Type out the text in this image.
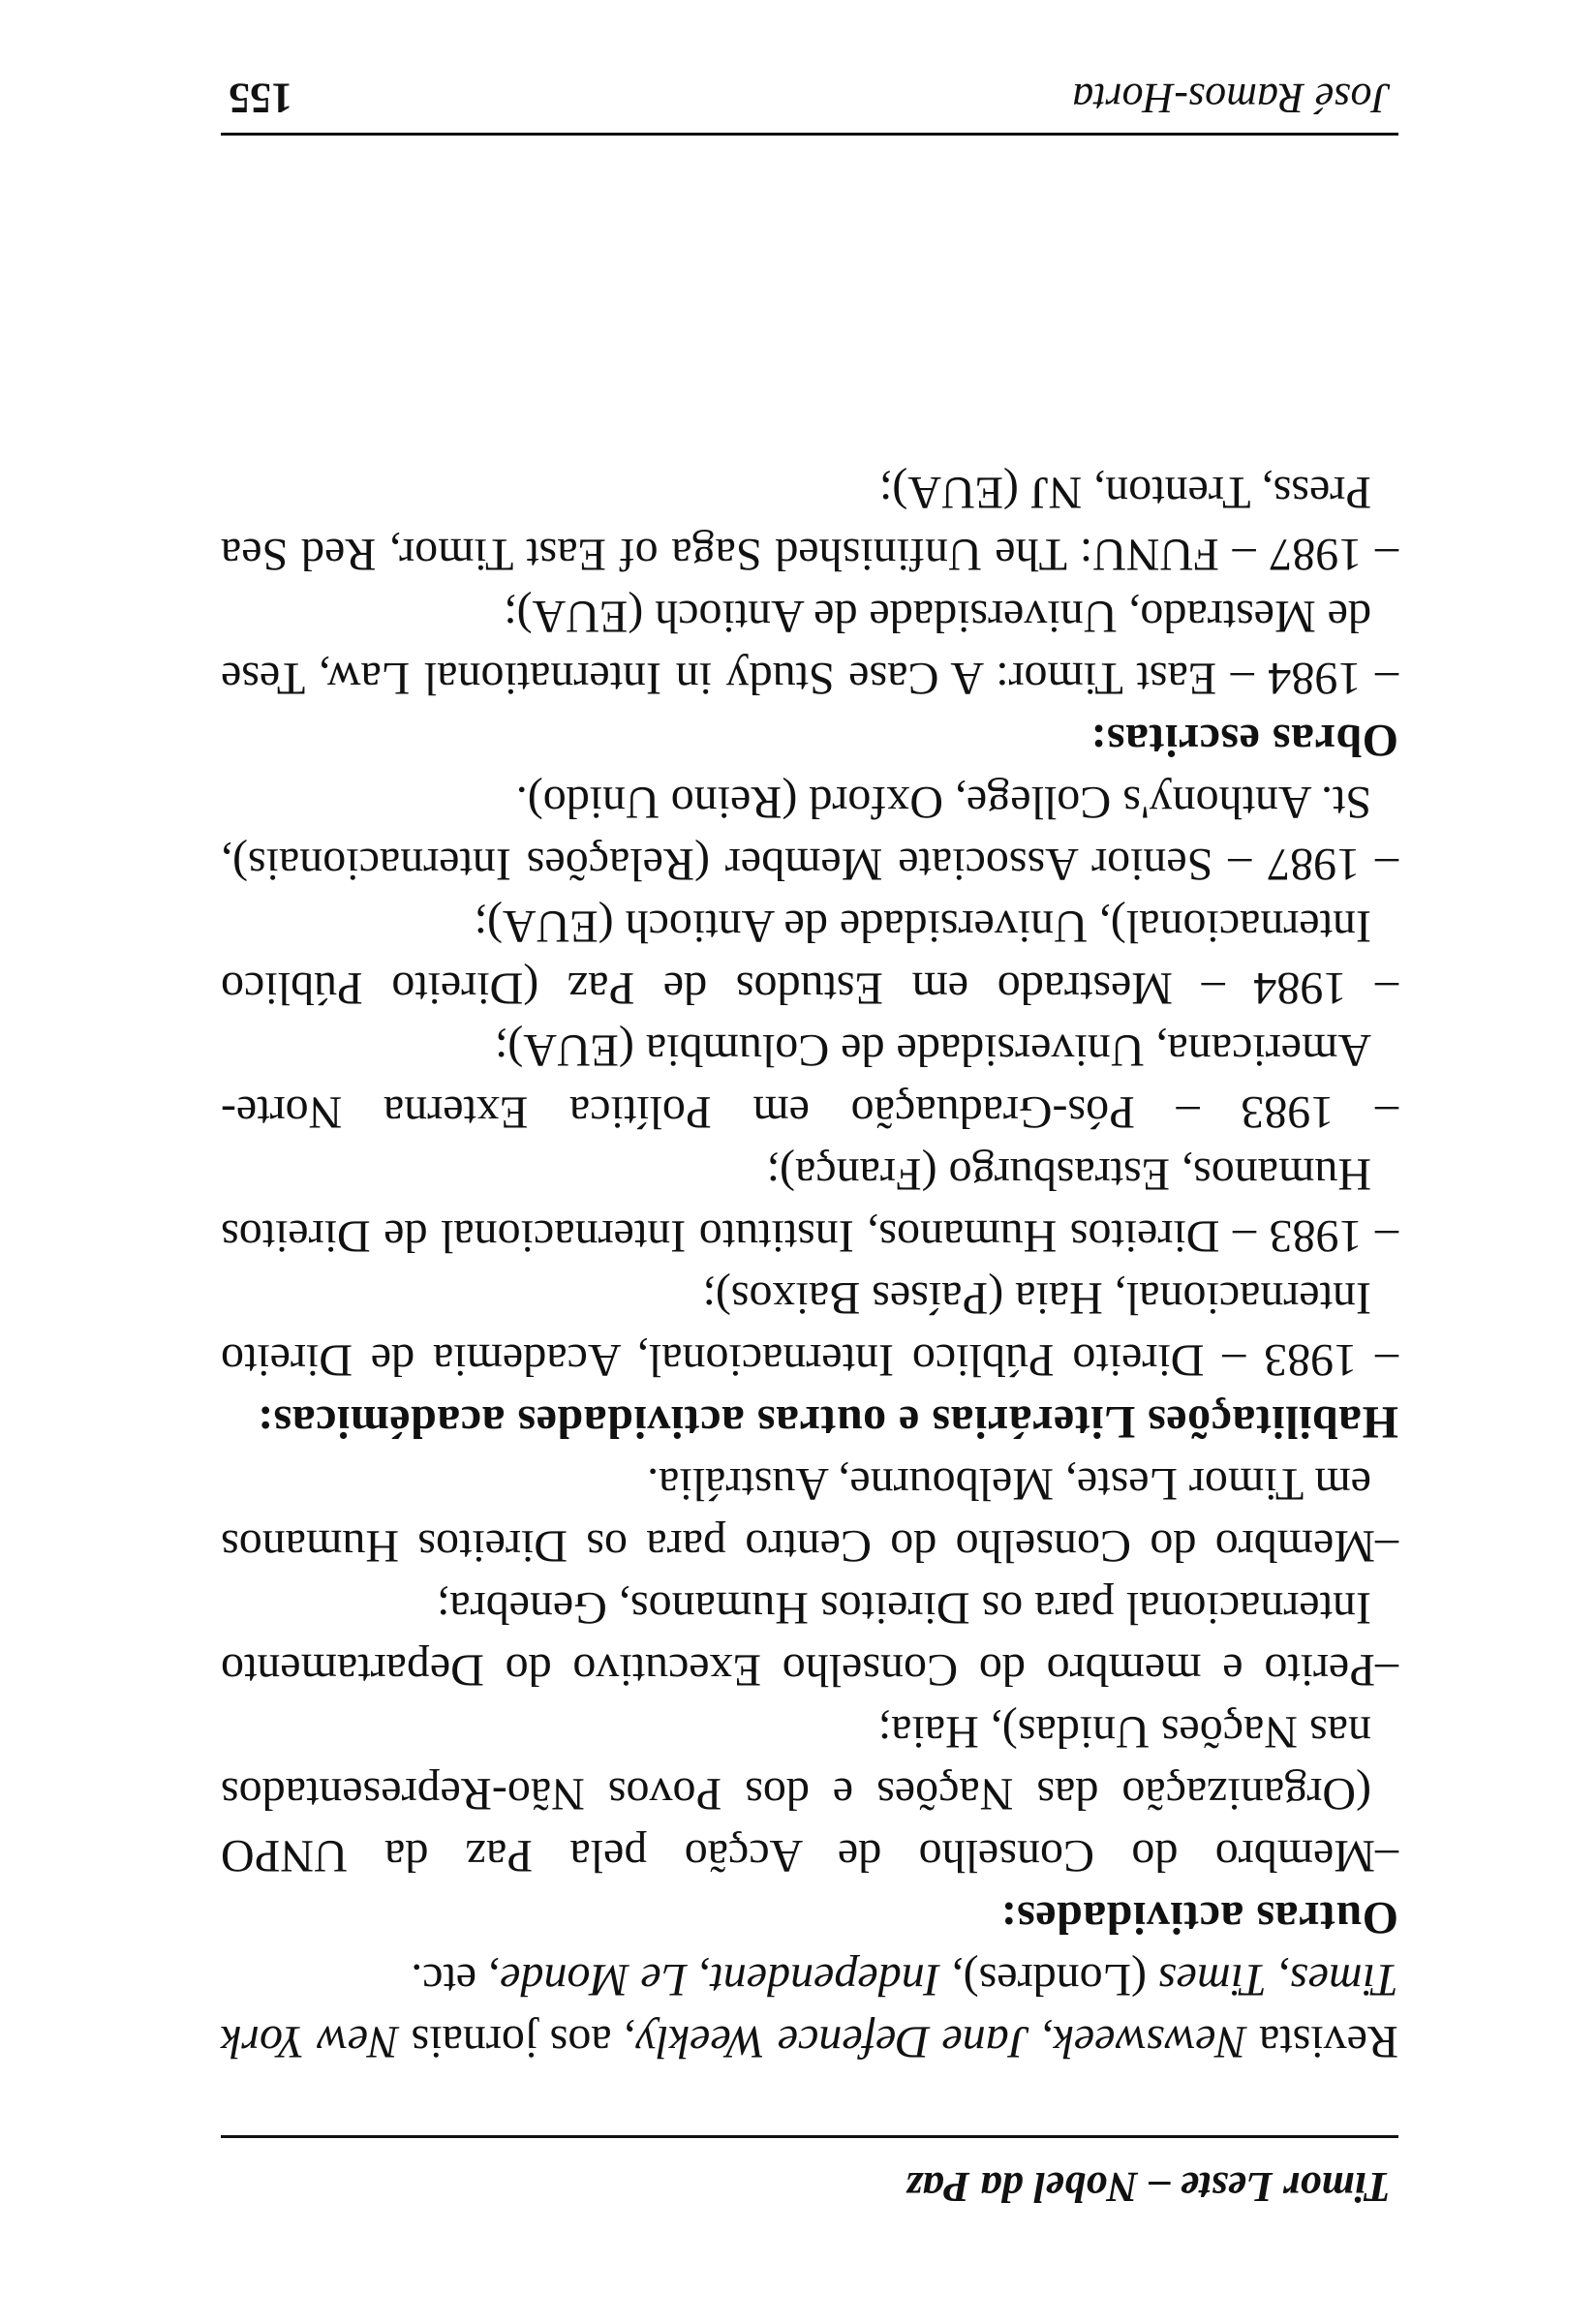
Timor Leste – Nobel da Paz

Revista Newsweek, Jane Defence Weekly, aos jornais New York Times, Times (Londres), Independent, Le Monde, etc.

Outras actividades:

–Membro do Conselho de Acção pela Paz da UNPO (Organização das Nações e dos Povos Não-Representados nas Nações Unidas), Haia;

–Perito e membro do Conselho Executivo do Departamento Internacional para os Direitos Humanos, Genebra;

–Membro do Conselho do Centro para os Direitos Humanos em Timor Leste, Melbourne, Austrália.

Habilitações Literárias e outras actividades académicas:

– 1983 – Direito Público Internacional, Academia de Direito Internacional, Haia (Países Baixos);

– 1983 – Direitos Humanos, Instituto Internacional de Direitos Humanos, Estrasburgo (França);

– 1983 – Pós-Graduação em Política Externa Norte-Americana, Universidade de Columbia (EUA);

– 1984 – Mestrado em Estudos de Paz (Direito Público Internacional), Universidade de Antioch (EUA);

– 1987 – Senior Associate Member (Relações Internacionais), St. Anthony's College, Oxford (Reino Unido).

Obras escritas:

– 1984 – East Timor: A Case Study in International Law, Tese de Mestrado, Universidade de Antioch (EUA);

– 1987 – FUNU: The Unfinished Saga of East Timor, Red Sea Press, Trenton, NJ (EUA);

José Ramos-Horta
155
